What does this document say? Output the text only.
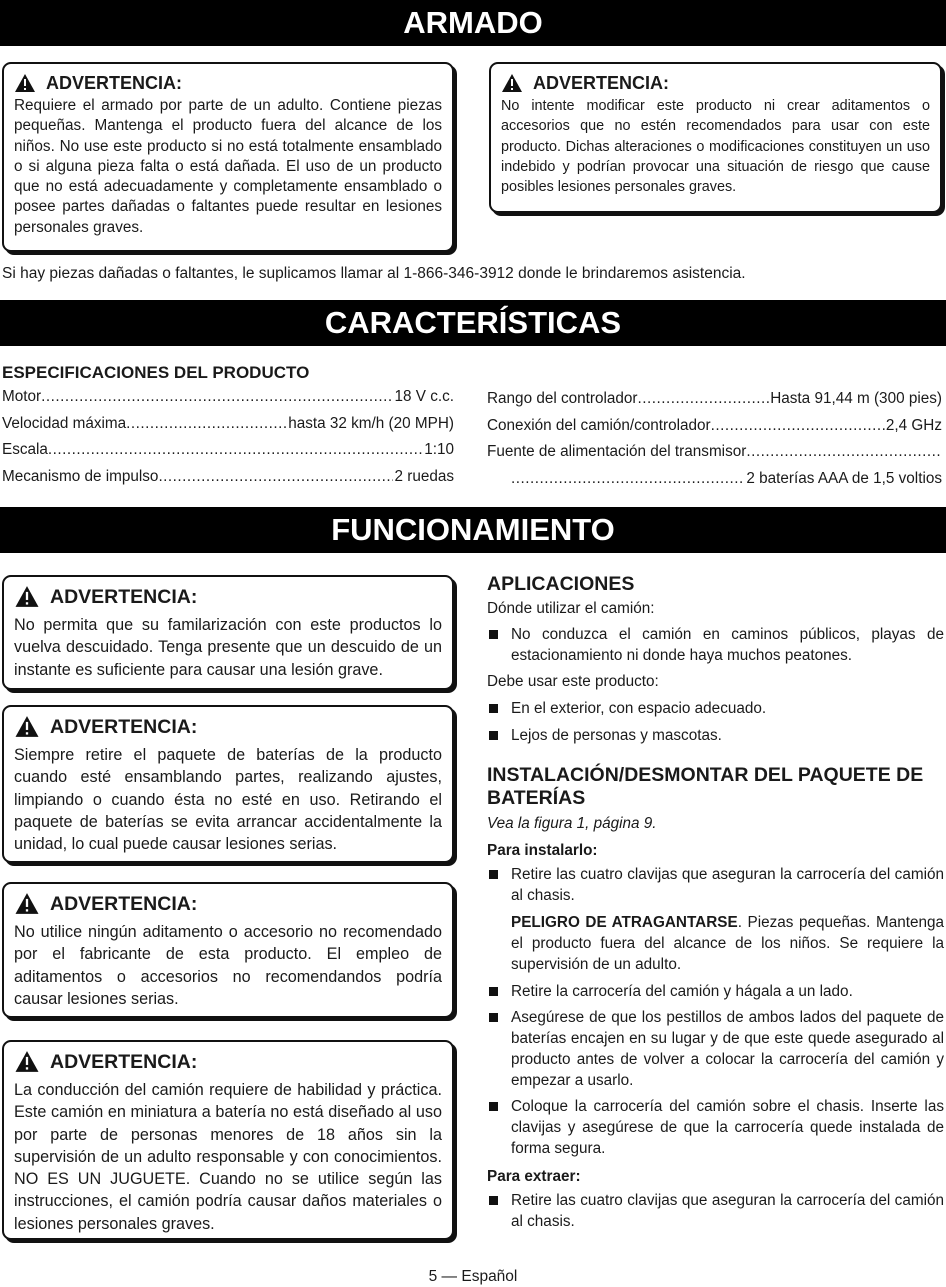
ARMADO
ADVERTENCIA:
Requiere el armado por parte de un adulto. Contiene piezas pequeñas. Mantenga el producto fuera del alcance de los niños. No use este producto si no está totalmente ensamblado o si alguna pieza falta o está dañada. El uso de un producto que no está adecuadamente y completamente ensamblado o posee partes dañadas o faltantes puede resultar en lesiones personales graves.
ADVERTENCIA:
No intente modificar este producto ni crear aditamentos o accesorios que no estén recomendados para usar con este producto. Dichas alteraciones o modificaciones constituyen un uso indebido y podrían provocar una situación de riesgo que cause posibles lesiones personales graves.
Si hay piezas dañadas o faltantes, le suplicamos llamar al 1-866-346-3912 donde le brindaremos asistencia.
CARACTERÍSTICAS
ESPECIFICACIONES DEL PRODUCTO
Motor .....	18 V c.c.
Velocidad máxima .....	hasta 32 km/h (20 MPH)
Escala .....	1:10
Mecanismo de impulso .....	2 ruedas
Rango del controlador .....	Hasta 91,44 m (300 pies)
Conexión del camión/controlador .....	2,4 GHz
Fuente de alimentación del transmisor
.....
.....
2 baterías AAA de 1,5 voltios
FUNCIONAMIENTO
ADVERTENCIA:
No permita que su familarización con este productos lo vuelva descuidado. Tenga presente que un descuido de un instante es suficiente para causar una lesión grave.
ADVERTENCIA:
Siempre retire el paquete de baterías de la producto cuando esté ensamblando partes, realizando ajustes, limpiando o cuando ésta no esté en uso. Retirando el paquete de baterías se evita arrancar accidentalmente la unidad, lo cual puede causar lesiones serias.
ADVERTENCIA:
No utilice ningún aditamento o accesorio no recomendado por el fabricante de esta producto. El empleo de aditamentos o accesorios no recomendandos podría causar lesiones serias.
ADVERTENCIA:
La conducción del camión requiere de habilidad y práctica. Este camión en miniatura a batería no está diseñado al uso por parte de personas menores de 18 años sin la supervisión de un adulto responsable y con conocimientos. NO ES UN JUGUETE. Cuando no se utilice según las instrucciones, el camión podría causar daños materiales o lesiones personales graves.
APLICACIONES
Dónde utilizar el camión:
No conduzca el camión en caminos públicos, playas de estacionamiento ni donde haya muchos peatones.
Debe usar este producto:
En el exterior, con espacio adecuado.
Lejos de personas y mascotas.
INSTALACIÓN/DESMONTAR DEL PAQUETE DE BATERÍAS
Vea la figura 1, página 9.
Para instalarlo:
Retire las cuatro clavijas que aseguran la carrocería del camión al chasis.
PELIGRO DE ATRAGANTARSE. Piezas pequeñas. Mantenga el producto fuera del alcance de los niños. Se requiere la supervisión de un adulto.
Retire la carrocería del camión y hágala a un lado.
Asegúrese de que los pestillos de ambos lados del paquete de baterías encajen en su lugar y de que este quede asegurado al producto antes de volver a colocar la carrocería del camión y empezar a usarlo.
Coloque la carrocería del camión sobre el chasis. Inserte las clavijas y asegúrese de que la carrocería quede instalada de forma segura.
Para extraer:
Retire las cuatro clavijas que aseguran la carrocería del camión al chasis.
5 — Español
